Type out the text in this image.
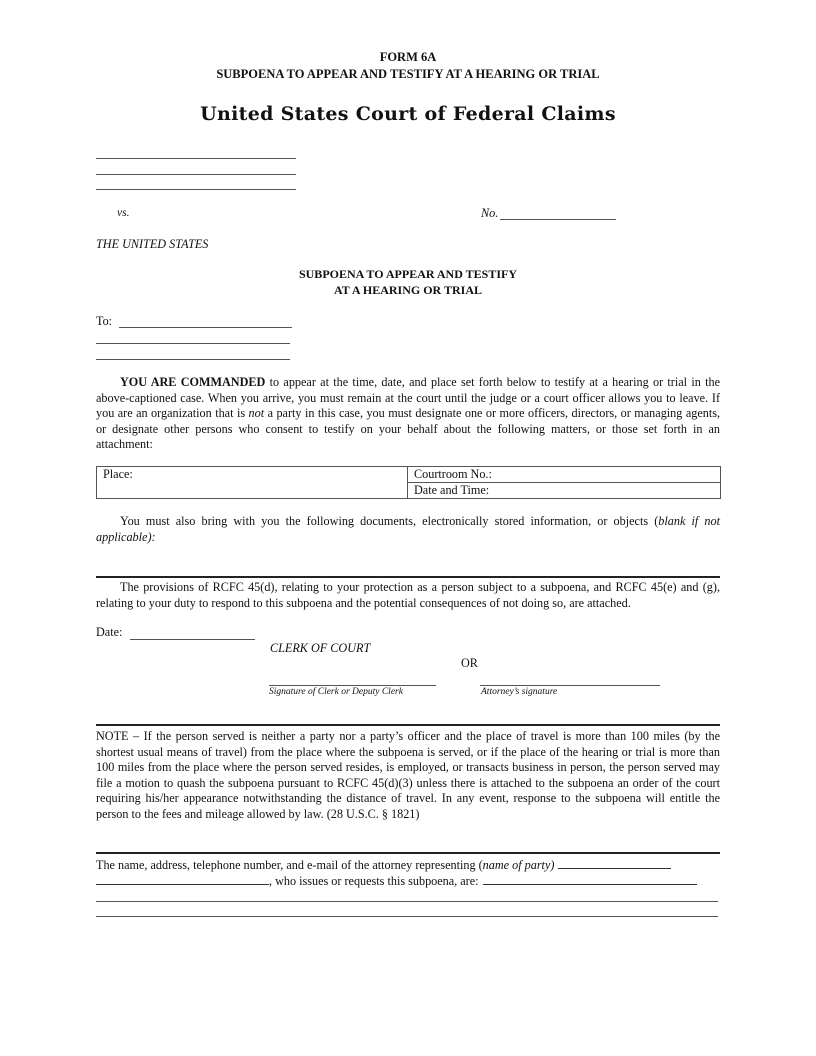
FORM 6A
SUBPOENA TO APPEAR AND TESTIFY AT A HEARING OR TRIAL
United States Court of Federal Claims
vs.	No.
THE UNITED STATES
SUBPOENA TO APPEAR AND TESTIFY
AT A HEARING OR TRIAL
To:
YOU ARE COMMANDED to appear at the time, date, and place set forth below to testify at a hearing or trial in the above-captioned case. When you arrive, you must remain at the court until the judge or a court officer allows you to leave. If you are an organization that is not a party in this case, you must designate one or more officers, directors, or managing agents, or designate other persons who consent to testify on your behalf about the following matters, or those set forth in an attachment:
Place:	Courtroom No.:
Date and Time:
You must also bring with you the following documents, electronically stored information, or objects (blank if not applicable):
The provisions of RCFC 45(d), relating to your protection as a person subject to a subpoena, and RCFC 45(e) and (g), relating to your duty to respond to this subpoena and the potential consequences of not doing so, are attached.
Date:
CLERK OF COURT
OR
Signature of Clerk or Deputy Clerk	Attorney’s signature
NOTE – If the person served is neither a party nor a party’s officer and the place of travel is more than 100 miles (by the shortest usual means of travel) from the place where the subpoena is served, or if the place of the hearing or trial is more than 100 miles from the place where the person served resides, is employed, or transacts business in person, the person served may file a motion to quash the subpoena pursuant to RCFC 45(d)(3) unless there is attached to the subpoena an order of the court requiring his/her appearance notwithstanding the distance of travel. In any event, response to the subpoena will entitle the person to the fees and mileage allowed by law. (28 U.S.C. § 1821)
The name, address, telephone number, and e-mail of the attorney representing (name of party)
, who issues or requests this subpoena, are:
